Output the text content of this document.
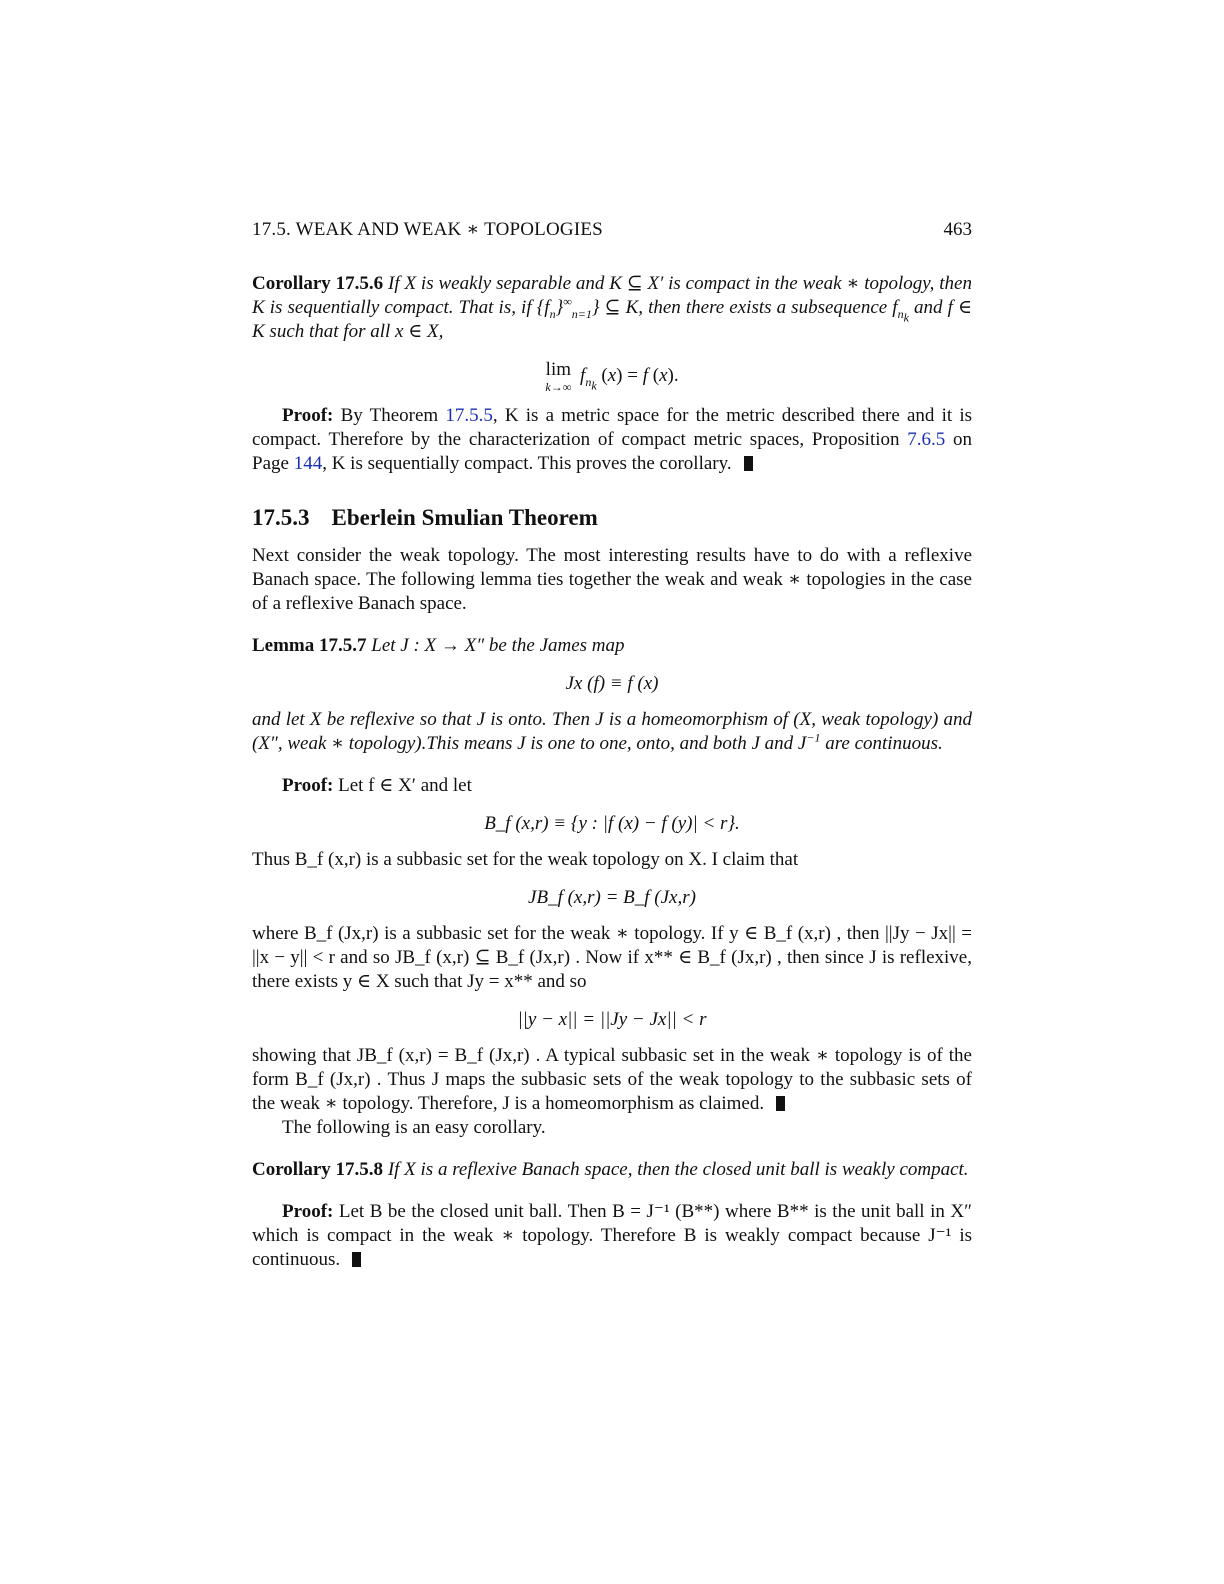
17.5. WEAK AND WEAK ∗ TOPOLOGIES	463

Corollary 17.5.6 If X is weakly separable and K ⊆ X′ is compact in the weak ∗ topology, then K is sequentially compact. That is, if $\{f_n\}^\infty_{n=1}$} ⊆ K, then there exists a subsequence $f_{n_k}$ and f ∈ K such that for all x ∈ X,

lim
k→∞
$f_{n_k}$ (x) = f (x).

Proof: By Theorem 17.5.5, K is a metric space for the metric described there and it is compact. Therefore by the characterization of compact metric spaces, Proposition 7.6.5 on Page 144, K is sequentially compact. This proves the corollary.

17.5.3 Eberlein Smulian Theorem

Next consider the weak topology. The most interesting results have to do with a reflexive Banach space. The following lemma ties together the weak and weak ∗ topologies in the case of a reflexive Banach space.

Lemma 17.5.7 Let J : X → X″ be the James map

Jx (f) ≡ f (x)

and let X be reflexive so that J is onto. Then J is a homeomorphism of (X, weak topology) and (X″, weak ∗ topology).This means J is one to one, onto, and both J and $J^{-1}$ are continuous.

Proof: Let f ∈ X′ and let

B_f (x,r) ≡ {y : |f (x) − f (y)| < r}.

Thus B_f (x,r) is a subbasic set for the weak topology on X. I claim that

JB_f (x,r) = B_f (Jx,r)

where B_f (Jx,r) is a subbasic set for the weak ∗ topology. If y ∈ B_f (x,r) , then ||Jy − Jx|| = ||x − y|| < r and so JB_f (x,r) ⊆ B_f (Jx,r) . Now if x** ∈ B_f (Jx,r) , then since J is reflexive, there exists y ∈ X such that Jy = x** and so

||y − x|| = ||Jy − Jx|| < r

showing that JB_f (x,r) = B_f (Jx,r) . A typical subbasic set in the weak ∗ topology is of the form B_f (Jx,r) . Thus J maps the subbasic sets of the weak topology to the subbasic sets of the weak ∗ topology. Therefore, J is a homeomorphism as claimed.

The following is an easy corollary.

Corollary 17.5.8 If X is a reflexive Banach space, then the closed unit ball is weakly compact.

Proof: Let B be the closed unit ball. Then B = J⁻¹ (B**) where B** is the unit ball in X″ which is compact in the weak ∗ topology. Therefore B is weakly compact because J⁻¹ is continuous.
